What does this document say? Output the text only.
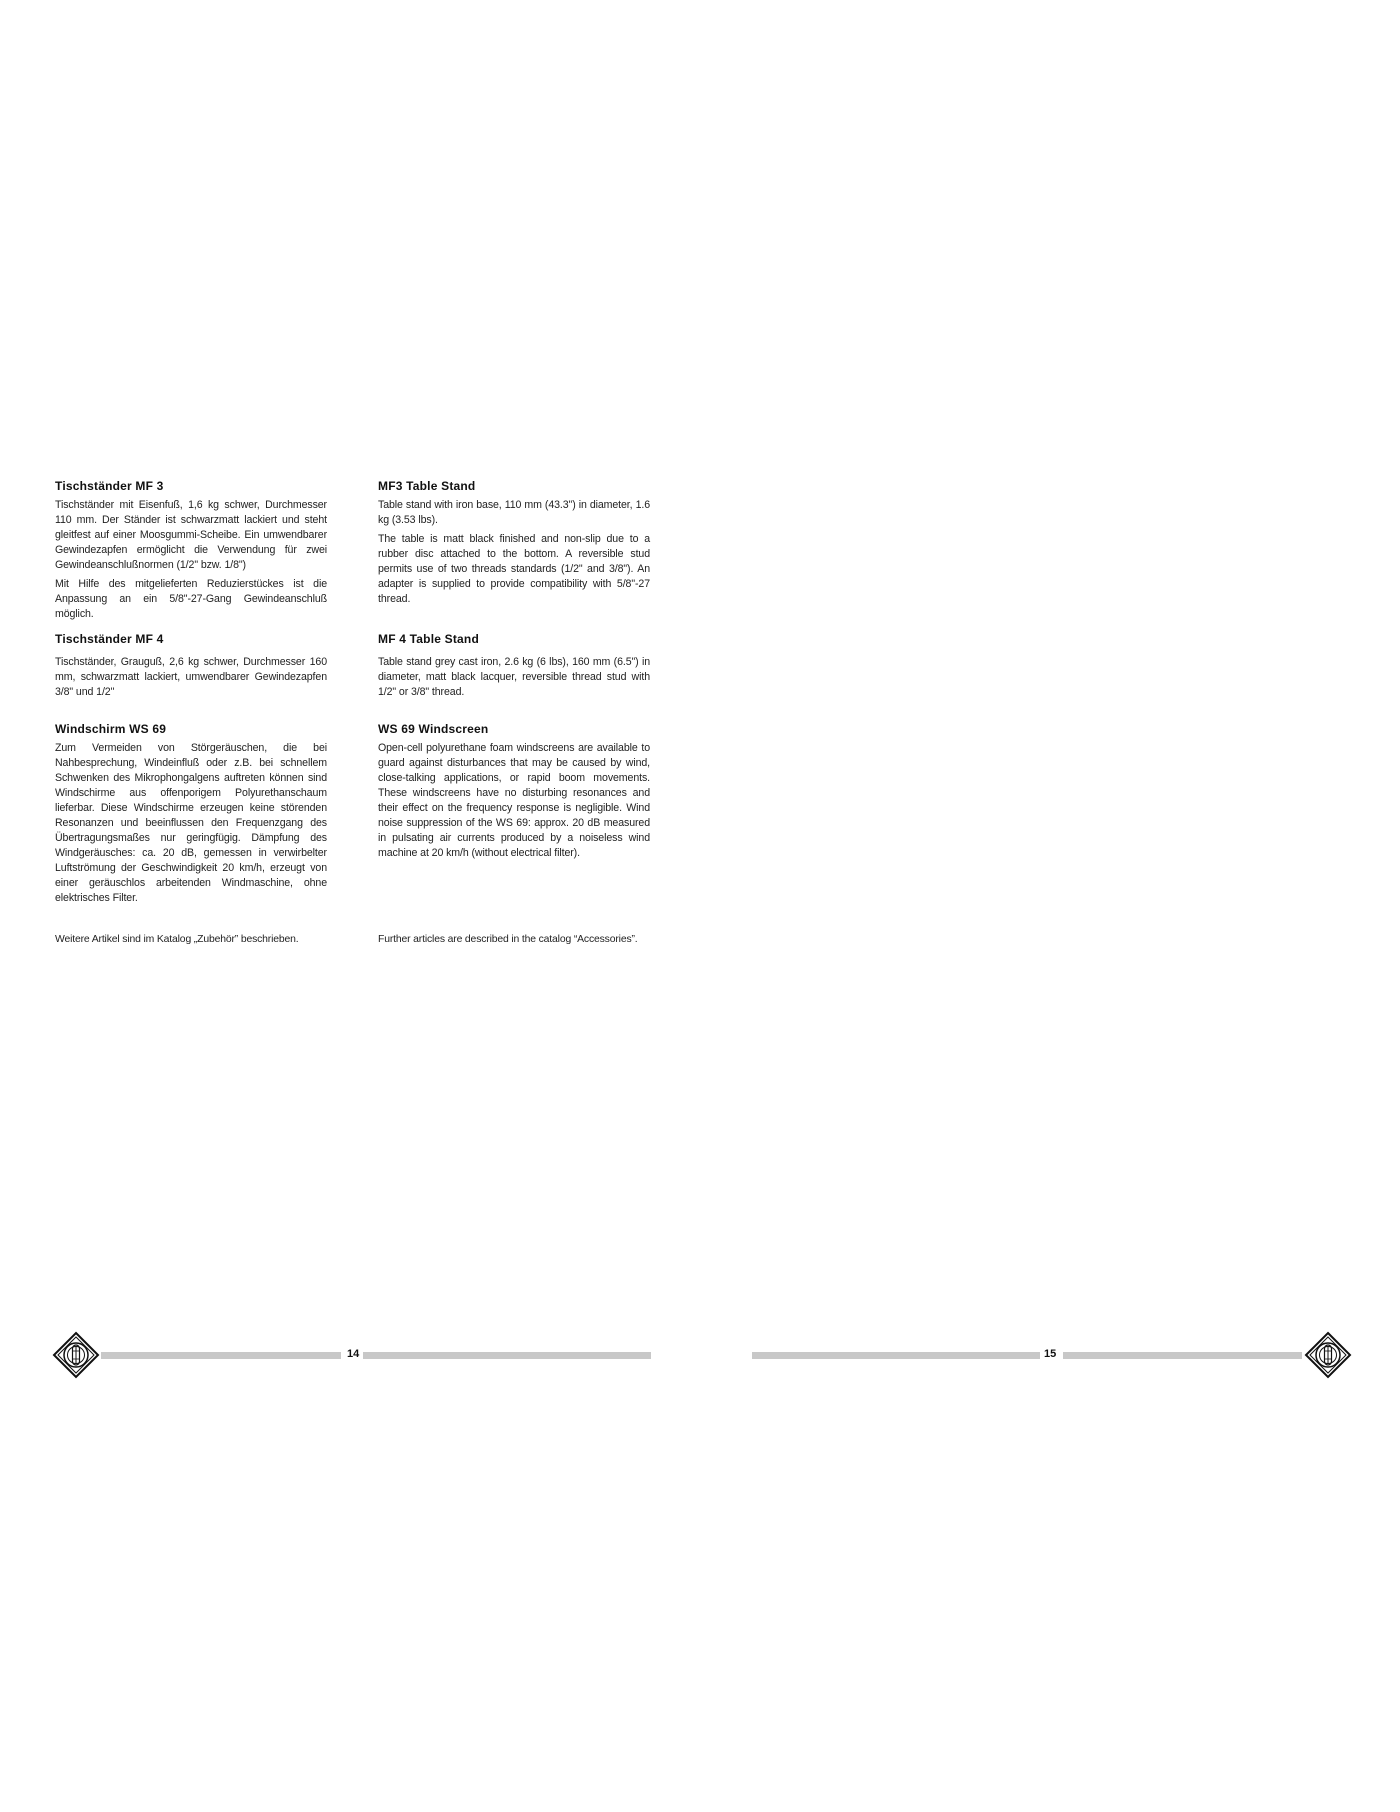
Tischständer MF 3

Tischständer mit Eisenfuß, 1,6 kg schwer, Durchmesser 110 mm. Der Ständer ist schwarzmatt lackiert und steht gleitfest auf einer Moosgummi-Scheibe. Ein umwendbarer Gewindezapfen ermöglicht die Verwendung für zwei Gewindeanschlußnormen (1/2" bzw. 1/8")

Mit Hilfe des mitgelieferten Reduzierstückes ist die Anpassung an ein 5/8"-27-Gang Gewindeanschluß möglich.

Tischständer MF 4

Tischständer, Grauguß, 2,6 kg schwer, Durchmesser 160 mm, schwarzmatt lackiert, umwendbarer Gewindezapfen 3/8" und 1/2"

Windschirm WS 69

Zum Vermeiden von Störgeräuschen, die bei Nahbesprechung, Windeinfluß oder z.B. bei schnellem Schwenken des Mikrophongalgens auftreten können sind Windschirme aus offenporigem Polyurethanschaum lieferbar. Diese Windschirme erzeugen keine störenden Resonanzen und beeinflussen den Frequenzgang des Übertragungsmaßes nur geringfügig. Dämpfung des Windgeräusches: ca. 20 dB, gemessen in verwirbelter Luftströmung der Geschwindigkeit 20 km/h, erzeugt von einer geräuschlos arbeitenden Windmaschine, ohne elektrisches Filter.

Weitere Artikel sind im Katalog „Zubehör” beschrieben.

MF3 Table Stand

Table stand with iron base, 110 mm (43.3") in diameter, 1.6 kg (3.53 lbs).

The table is matt black finished and non-slip due to a rubber disc attached to the bottom. A reversible stud permits use of two threads standards (1/2" and 3/8"). An adapter is supplied to provide compatibility with 5/8"-27 thread.

MF 4 Table Stand

Table stand grey cast iron, 2.6 kg (6 lbs), 160 mm (6.5") in diameter, matt black lacquer, reversible thread stud with 1/2" or 3/8" thread.

WS 69 Windscreen

Open-cell polyurethane foam windscreens are available to guard against disturbances that may be caused by wind, close-talking applications, or rapid boom movements. These windscreens have no disturbing resonances and their effect on the frequency response is negligible. Wind noise suppression of the WS 69: approx. 20 dB measured in pulsating air currents produced by a noiseless wind machine at 20 km/h (without electrical filter).

Further articles are described in the catalog “Accessories”.
14	15
